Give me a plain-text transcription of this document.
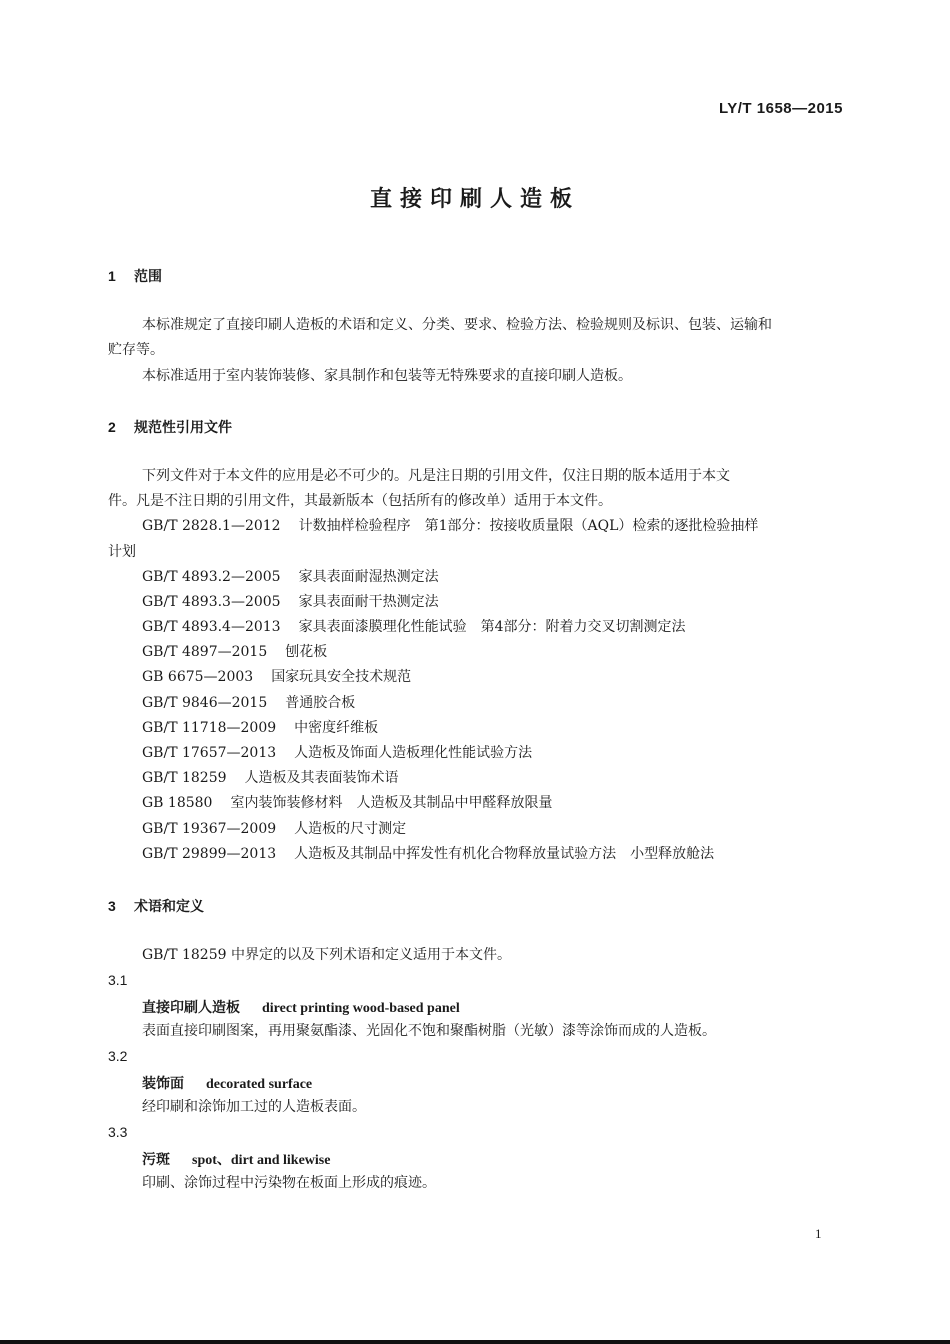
LY/T 1658—2015
直接印刷人造板
1 范围
本标准规定了直接印刷人造板的术语和定义、分类、要求、检验方法、检验规则及标识、包装、运输和
贮存等。
本标准适用于室内装饰装修、家具制作和包装等无特殊要求的直接印刷人造板。
2 规范性引用文件
下列文件对于本文件的应用是必不可少的。凡是注日期的引用文件，仅注日期的版本适用于本文
件。凡是不注日期的引用文件，其最新版本（包括所有的修改单）适用于本文件。
GB/T 2828.1—2012 计数抽样检验程序　第1部分：按接收质量限（AQL）检索的逐批检验抽样
计划
GB/T 4893.2—2005 家具表面耐湿热测定法
GB/T 4893.3—2005 家具表面耐干热测定法
GB/T 4893.4—2013 家具表面漆膜理化性能试验　第4部分：附着力交叉切割测定法
GB/T 4897—2015 刨花板
GB 6675—2003 国家玩具安全技术规范
GB/T 9846—2015 普通胶合板
GB/T 11718—2009 中密度纤维板
GB/T 17657—2013 人造板及饰面人造板理化性能试验方法
GB/T 18259 人造板及其表面装饰术语
GB 18580 室内装饰装修材料　人造板及其制品中甲醛释放限量
GB/T 19367—2009 人造板的尺寸测定
GB/T 29899—2013 人造板及其制品中挥发性有机化合物释放量试验方法　小型释放舱法
3 术语和定义
GB/T 18259 中界定的以及下列术语和定义适用于本文件。
3.1
直接印刷人造板 direct printing wood-based panel
表面直接印刷图案，再用聚氨酯漆、光固化不饱和聚酯树脂（光敏）漆等涂饰而成的人造板。
3.2
装饰面 decorated surface
经印刷和涂饰加工过的人造板表面。
3.3
污斑 spot、dirt and likewise
印刷、涂饰过程中污染物在板面上形成的痕迹。
1
